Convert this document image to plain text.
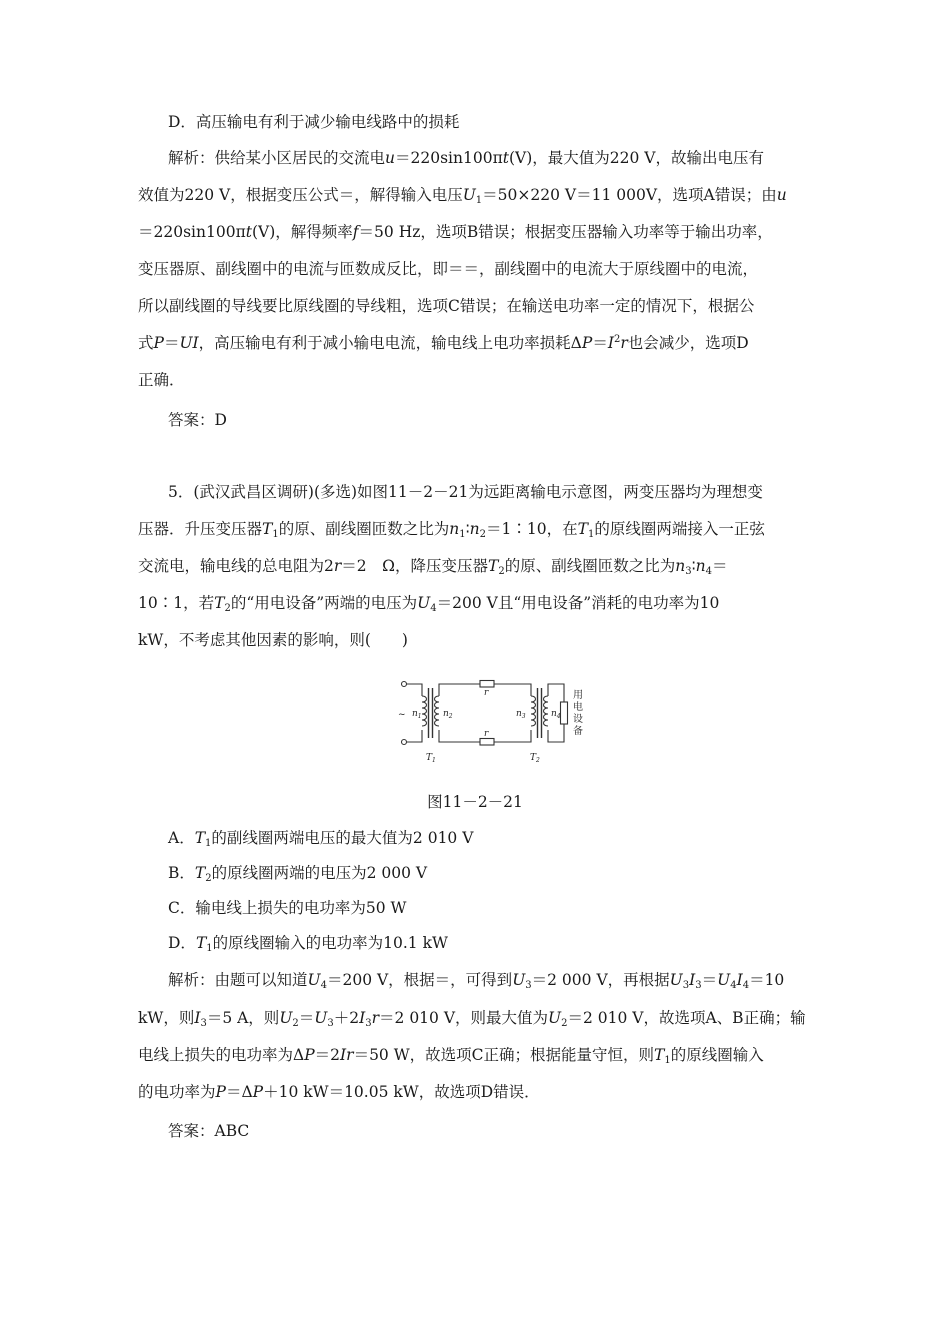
D．高压输电有利于减少输电线路中的损耗
解析：供给某小区居民的交流电u＝220sin100πt(V)，最大值为220 V，故输出电压有
效值为220 V，根据变压公式＝，解得输入电压$U_1=50\times 220$ V＝11 000V，选项A错误；由u
＝220sin100πt(V)，解得频率f＝50 Hz，选项B错误；根据变压器输入功率等于输出功率，
变压器原、副线圈中的电流与匝数成反比，即＝＝，副线圈中的电流大于原线圈中的电流，
所以副线圈的导线要比原线圈的导线粗，选项C错误；在输送电功率一定的情况下，根据公
式P＝UI，高压输电有利于减小输电电流，输电线上电功率损耗$\Delta P=I^2r$也会减少，选项D
正确．
答案：D
5．(武汉武昌区调研)(多选)如图11－2－21为远距离输电示意图，两变压器均为理想变
压器．升压变压器$T_1$的原、副线圈匝数之比为$n_1∶n_2=1∶10$，在$T_1$的原线圈两端接入一正弦
交流电，输电线的总电阻为2r＝2　Ω，降压变压器$T_2$的原、副线圈匝数之比为$n_3∶n_4=$
10∶1，若$T_2$的“用电设备”两端的电压为$U_4=200$ V且“用电设备”消耗的电功率为10
kW，不考虑其他因素的影响，则(　　)
~ $n_1$ $n_2$	$n_3$	$n_4$
r
r
$T_1$	$T_2$
用
电
设
备
图11－2－21
A．$T_1$的副线圈两端电压的最大值为2 010 V
B．$T_2$的原线圈两端的电压为2 000 V
C．输电线上损失的电功率为50 W
D．$T_1$的原线圈输入的电功率为10.1 kW
解析：由题可以知道$U_4=200$ V，根据＝，可得到$U_3=2$ 000 V，再根据$U_3I_3=U_4I_4=10$
kW，则$I_3=5$ A，则$U_2=U_3+2I_3r=2$ 010 V，则最大值为$U_2=2$ 010 V，故选项A、B正确；输
电线上损失的电功率为ΔP＝2Ir＝50 W，故选项C正确；根据能量守恒，则$T_1$的原线圈输入
的电功率为P＝ΔP＋10 kW＝10.05 kW，故选项D错误．
答案：ABC
